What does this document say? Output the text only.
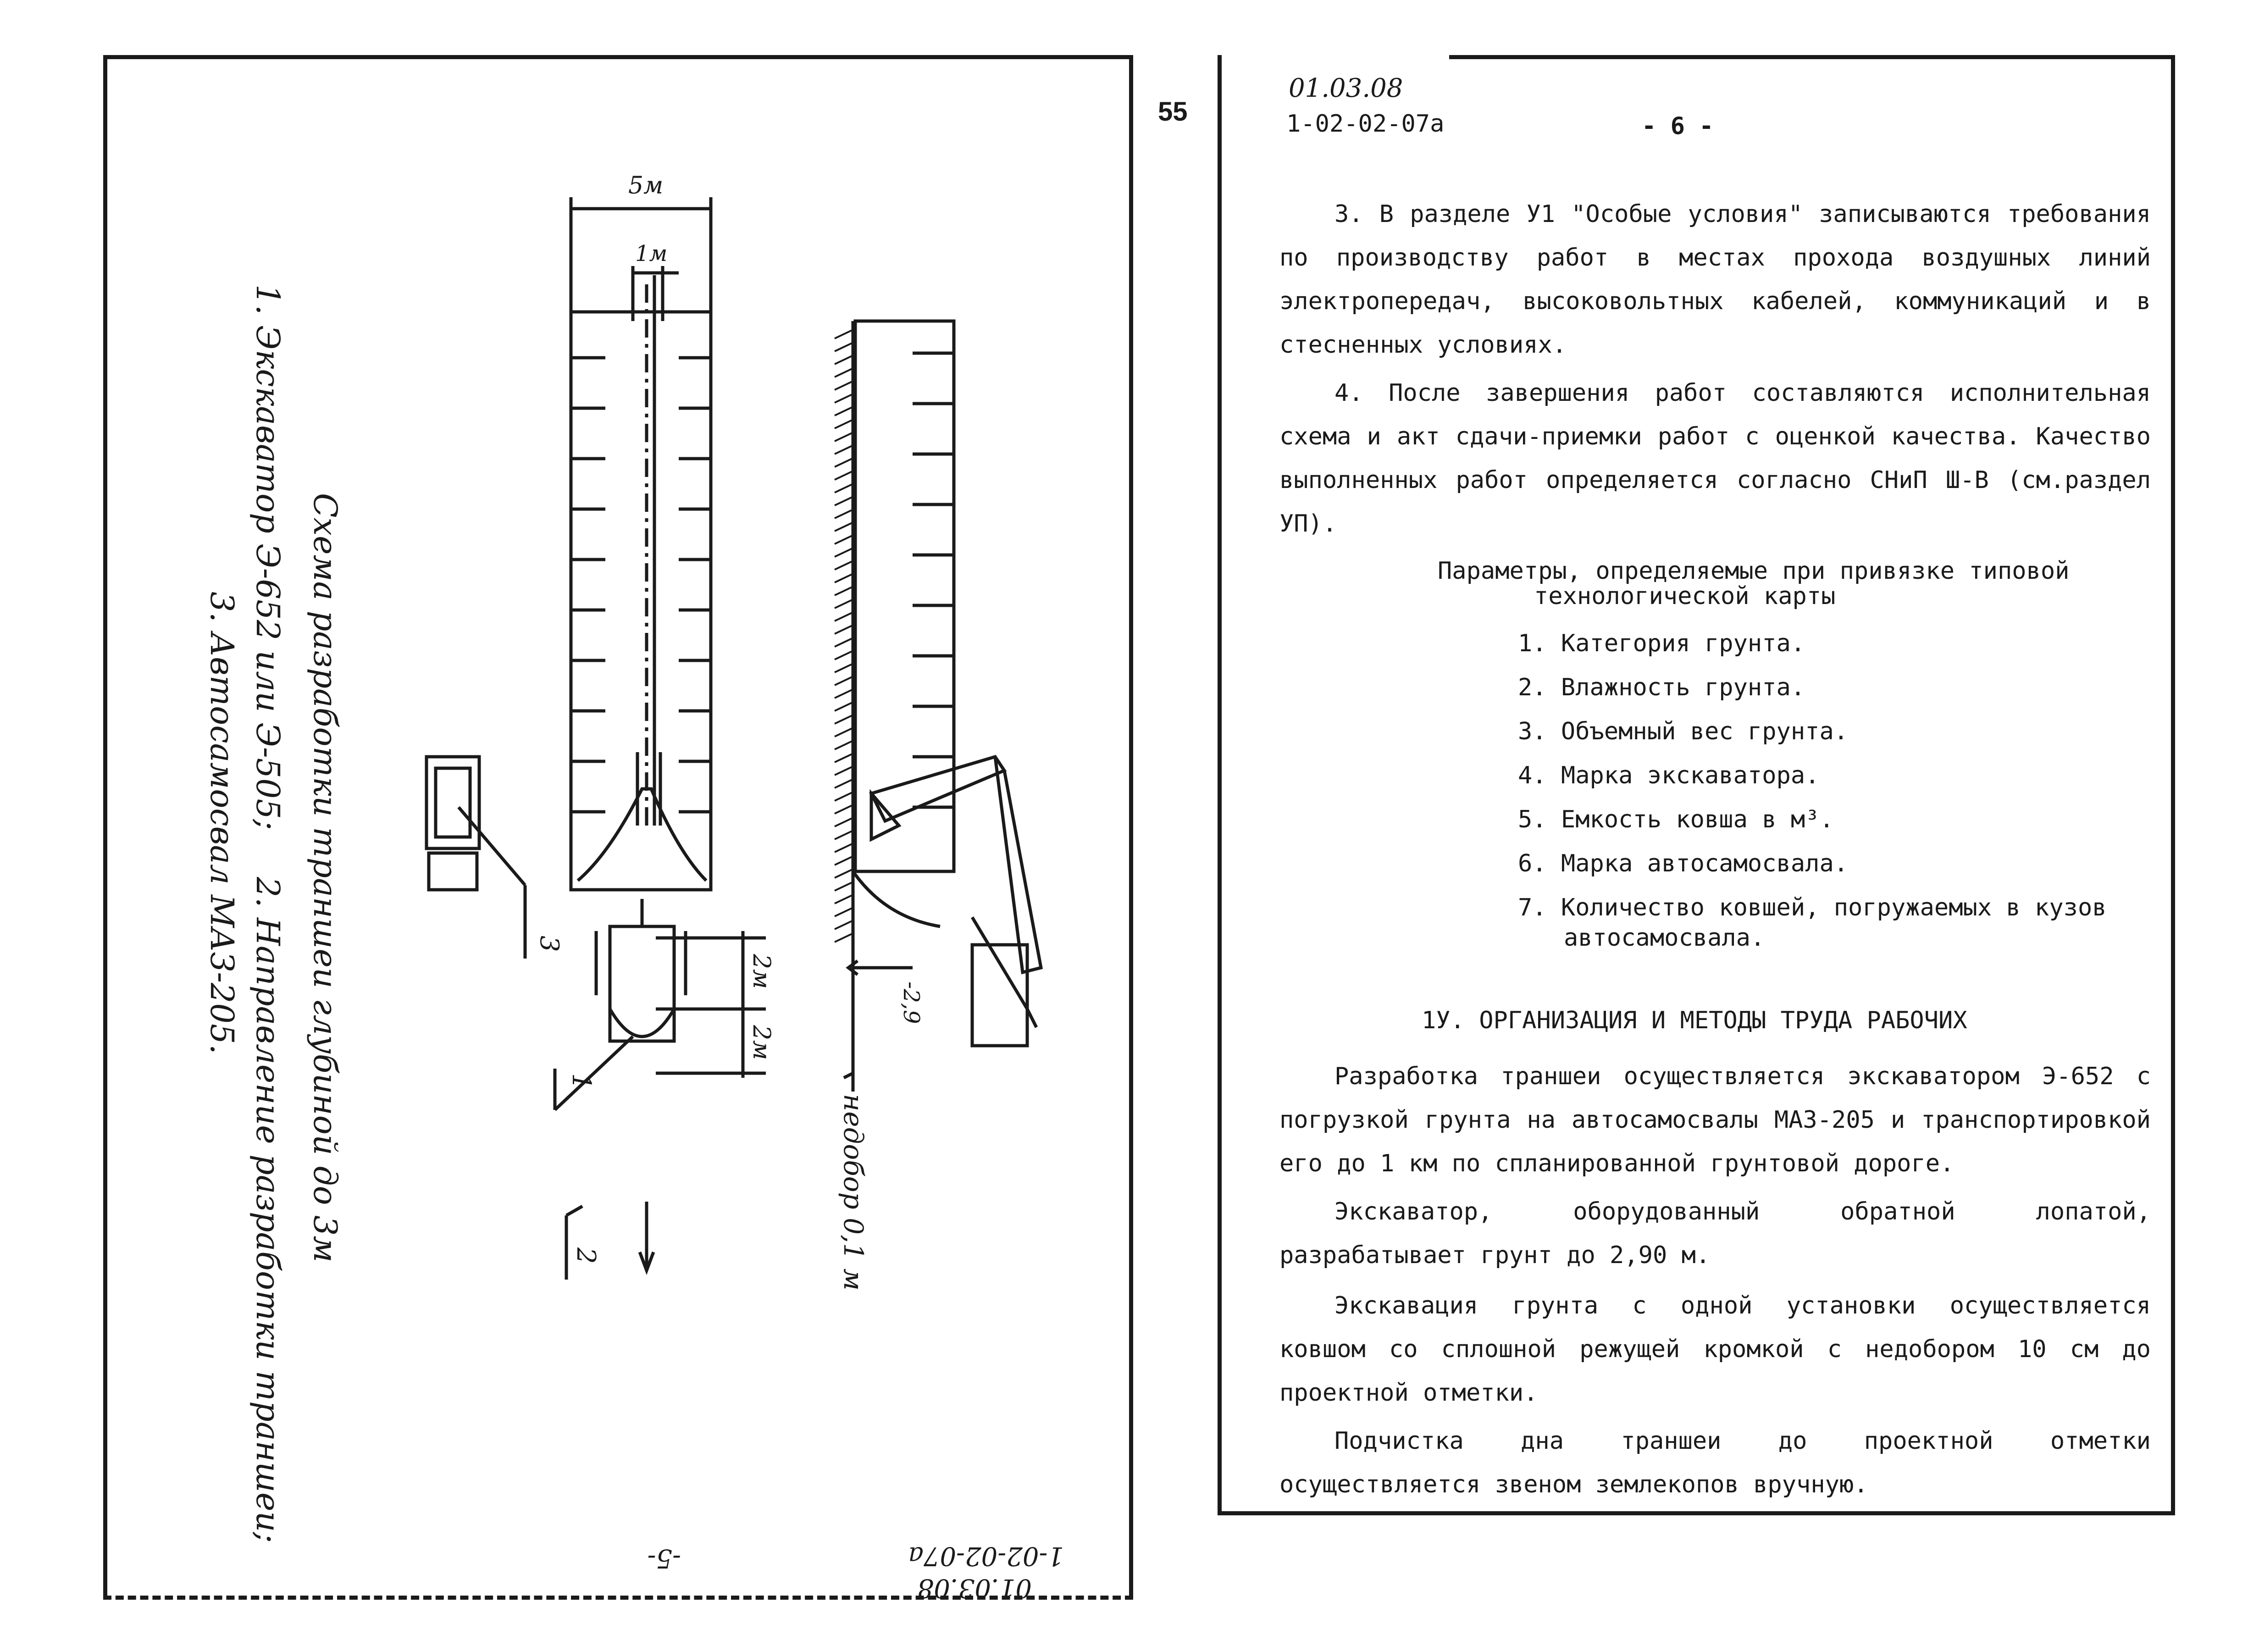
55
Схема разработки траншеи глубиной до 3м
1. Экскаватор Э-652 или Э-505; 2. Направление разработки траншеи;
3. Автосамосвал МАЗ-205.
5м
1м
2м
2м
-2,9
недобор 0,1 м
1
2
3
-5-	1-02-02-07а
01.03.08
01.03.08
1-02-02-07а	- 6 -
3. В разделе У1 "Особые условия" записываются требования по производству работ в местах прохода воздушных линий электропередач, высоковольтных кабелей, коммуникаций и в стесненных условиях.
4. После завершения работ составляются исполнительная схема и акт сдачи-приемки работ с оценкой качества. Качество выполненных работ определяется согласно СНиП Ш-В (см.раздел УП).
Параметры, определяемые при привязке типовой
технологической карты
1. Категория грунта.
2. Влажность грунта.
3. Объемный вес грунта.
4. Марка экскаватора.
5. Емкость ковша в м³.
6. Марка автосамосвала.
7. Количество ковшей, погружаемых в кузов
автосамосвала.
1У. ОРГАНИЗАЦИЯ И МЕТОДЫ ТРУДА РАБОЧИХ
Разработка траншеи осуществляется экскаватором Э-652 с погрузкой грунта на автосамосвалы МАЗ-205 и транспортировкой его до 1 км по спланированной грунтовой дороге.
Экскаватор, оборудованный обратной лопатой, разрабатывает грунт до 2,90 м.
Экскавация грунта с одной установки осуществляется ковшом со сплошной режущей кромкой с недобором 10 см до проектной отметки.
Подчистка дна траншеи до проектной отметки осуществляется звеном землекопов вручную.
